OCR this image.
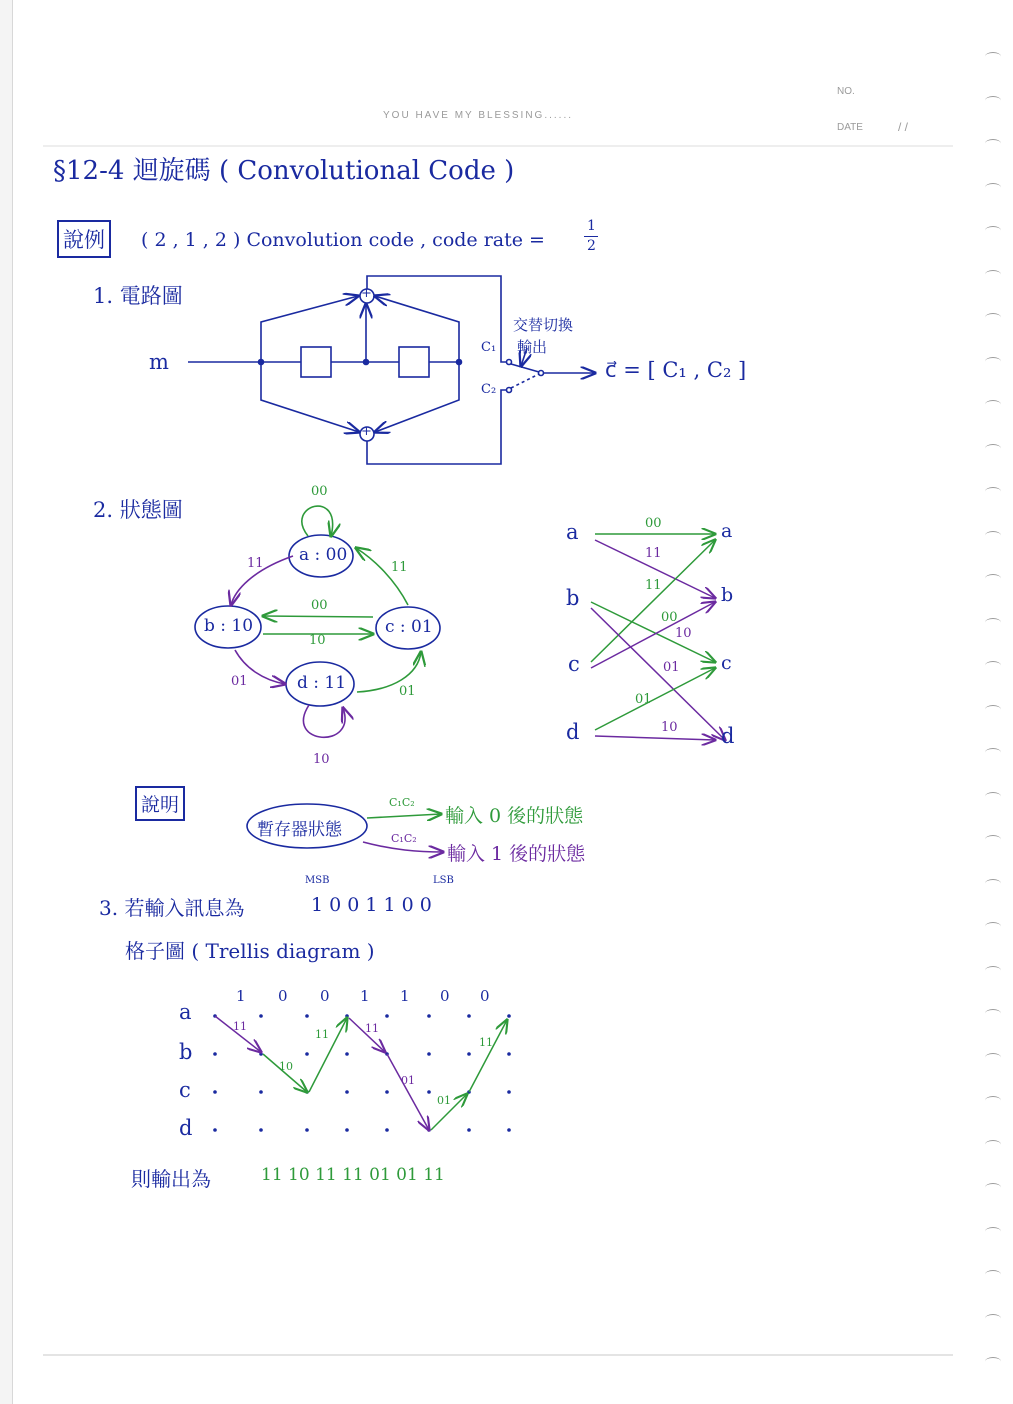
YOU HAVE MY BLESSING......
NO.
DATE	/ /
§12-4 迴旋碼 ( Convolutional Code )
說例	( 2 , 1 , 2 ) Convolution code , code rate =
1
2
1. 電路圖
m
C₁
C₂
交替切換
輸出
c⃗ = [ C₁ , C₂ ]
+
+
2. 狀態圖
a : 00
b : 10	c : 01
d : 11
00
11	11
00
10
01
01
10
a
b
c
d
a
b
c
d
00
11
11
00
10
01
01
10
說明
暫存器狀態
C₁C₂
輸入 0 後的狀態
C₁C₂
輸入 1 後的狀態
3. 若輸入訊息為	1 0 0 1 1 0 0
MSB	LSB
格子圖 ( Trellis diagram )
a
b
c
d
1 0 0 1 1 0 0
11
10
11	11
01
01
11
則輸出為	11 10 11 11 01 01 11
